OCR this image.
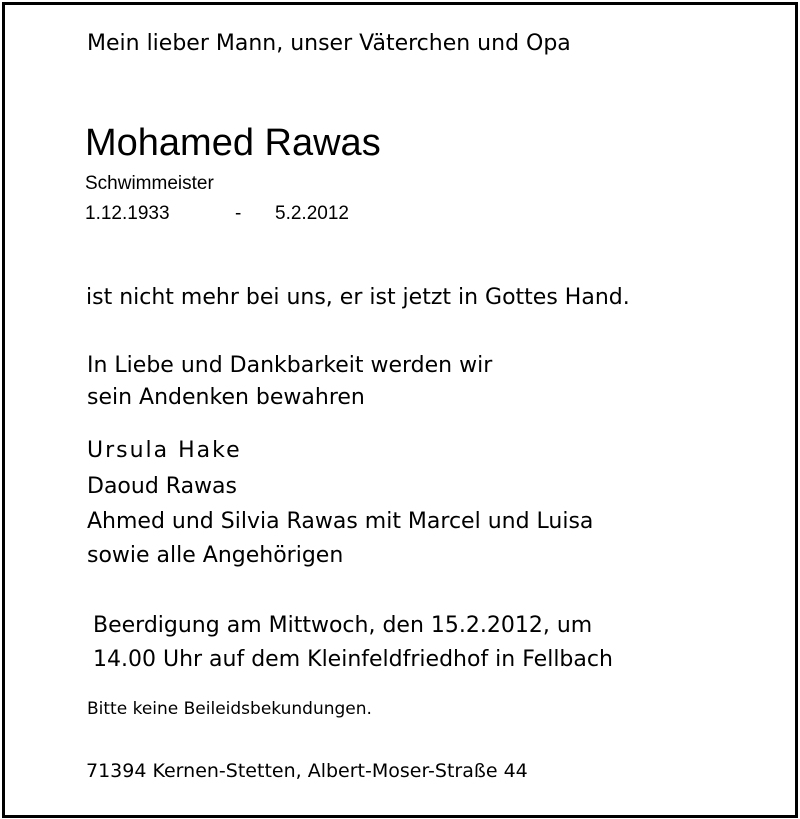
Mein lieber Mann, unser Väterchen und Opa
Mohamed Rawas
Schwimmeister
1.12.1933	- 5.2.2012
ist nicht mehr bei uns, er ist jetzt in Gottes Hand.
In Liebe und Dankbarkeit werden wir
sein Andenken bewahren
Ursula Hake
Daoud Rawas
Ahmed und Silvia Rawas mit Marcel und Luisa
sowie alle Angehörigen
Beerdigung am Mittwoch, den 15.2.2012, um
14.00 Uhr auf dem Kleinfeldfriedhof in Fellbach
Bitte keine Beileidsbekundungen.
71394 Kernen-Stetten, Albert-Moser-Straße 44
